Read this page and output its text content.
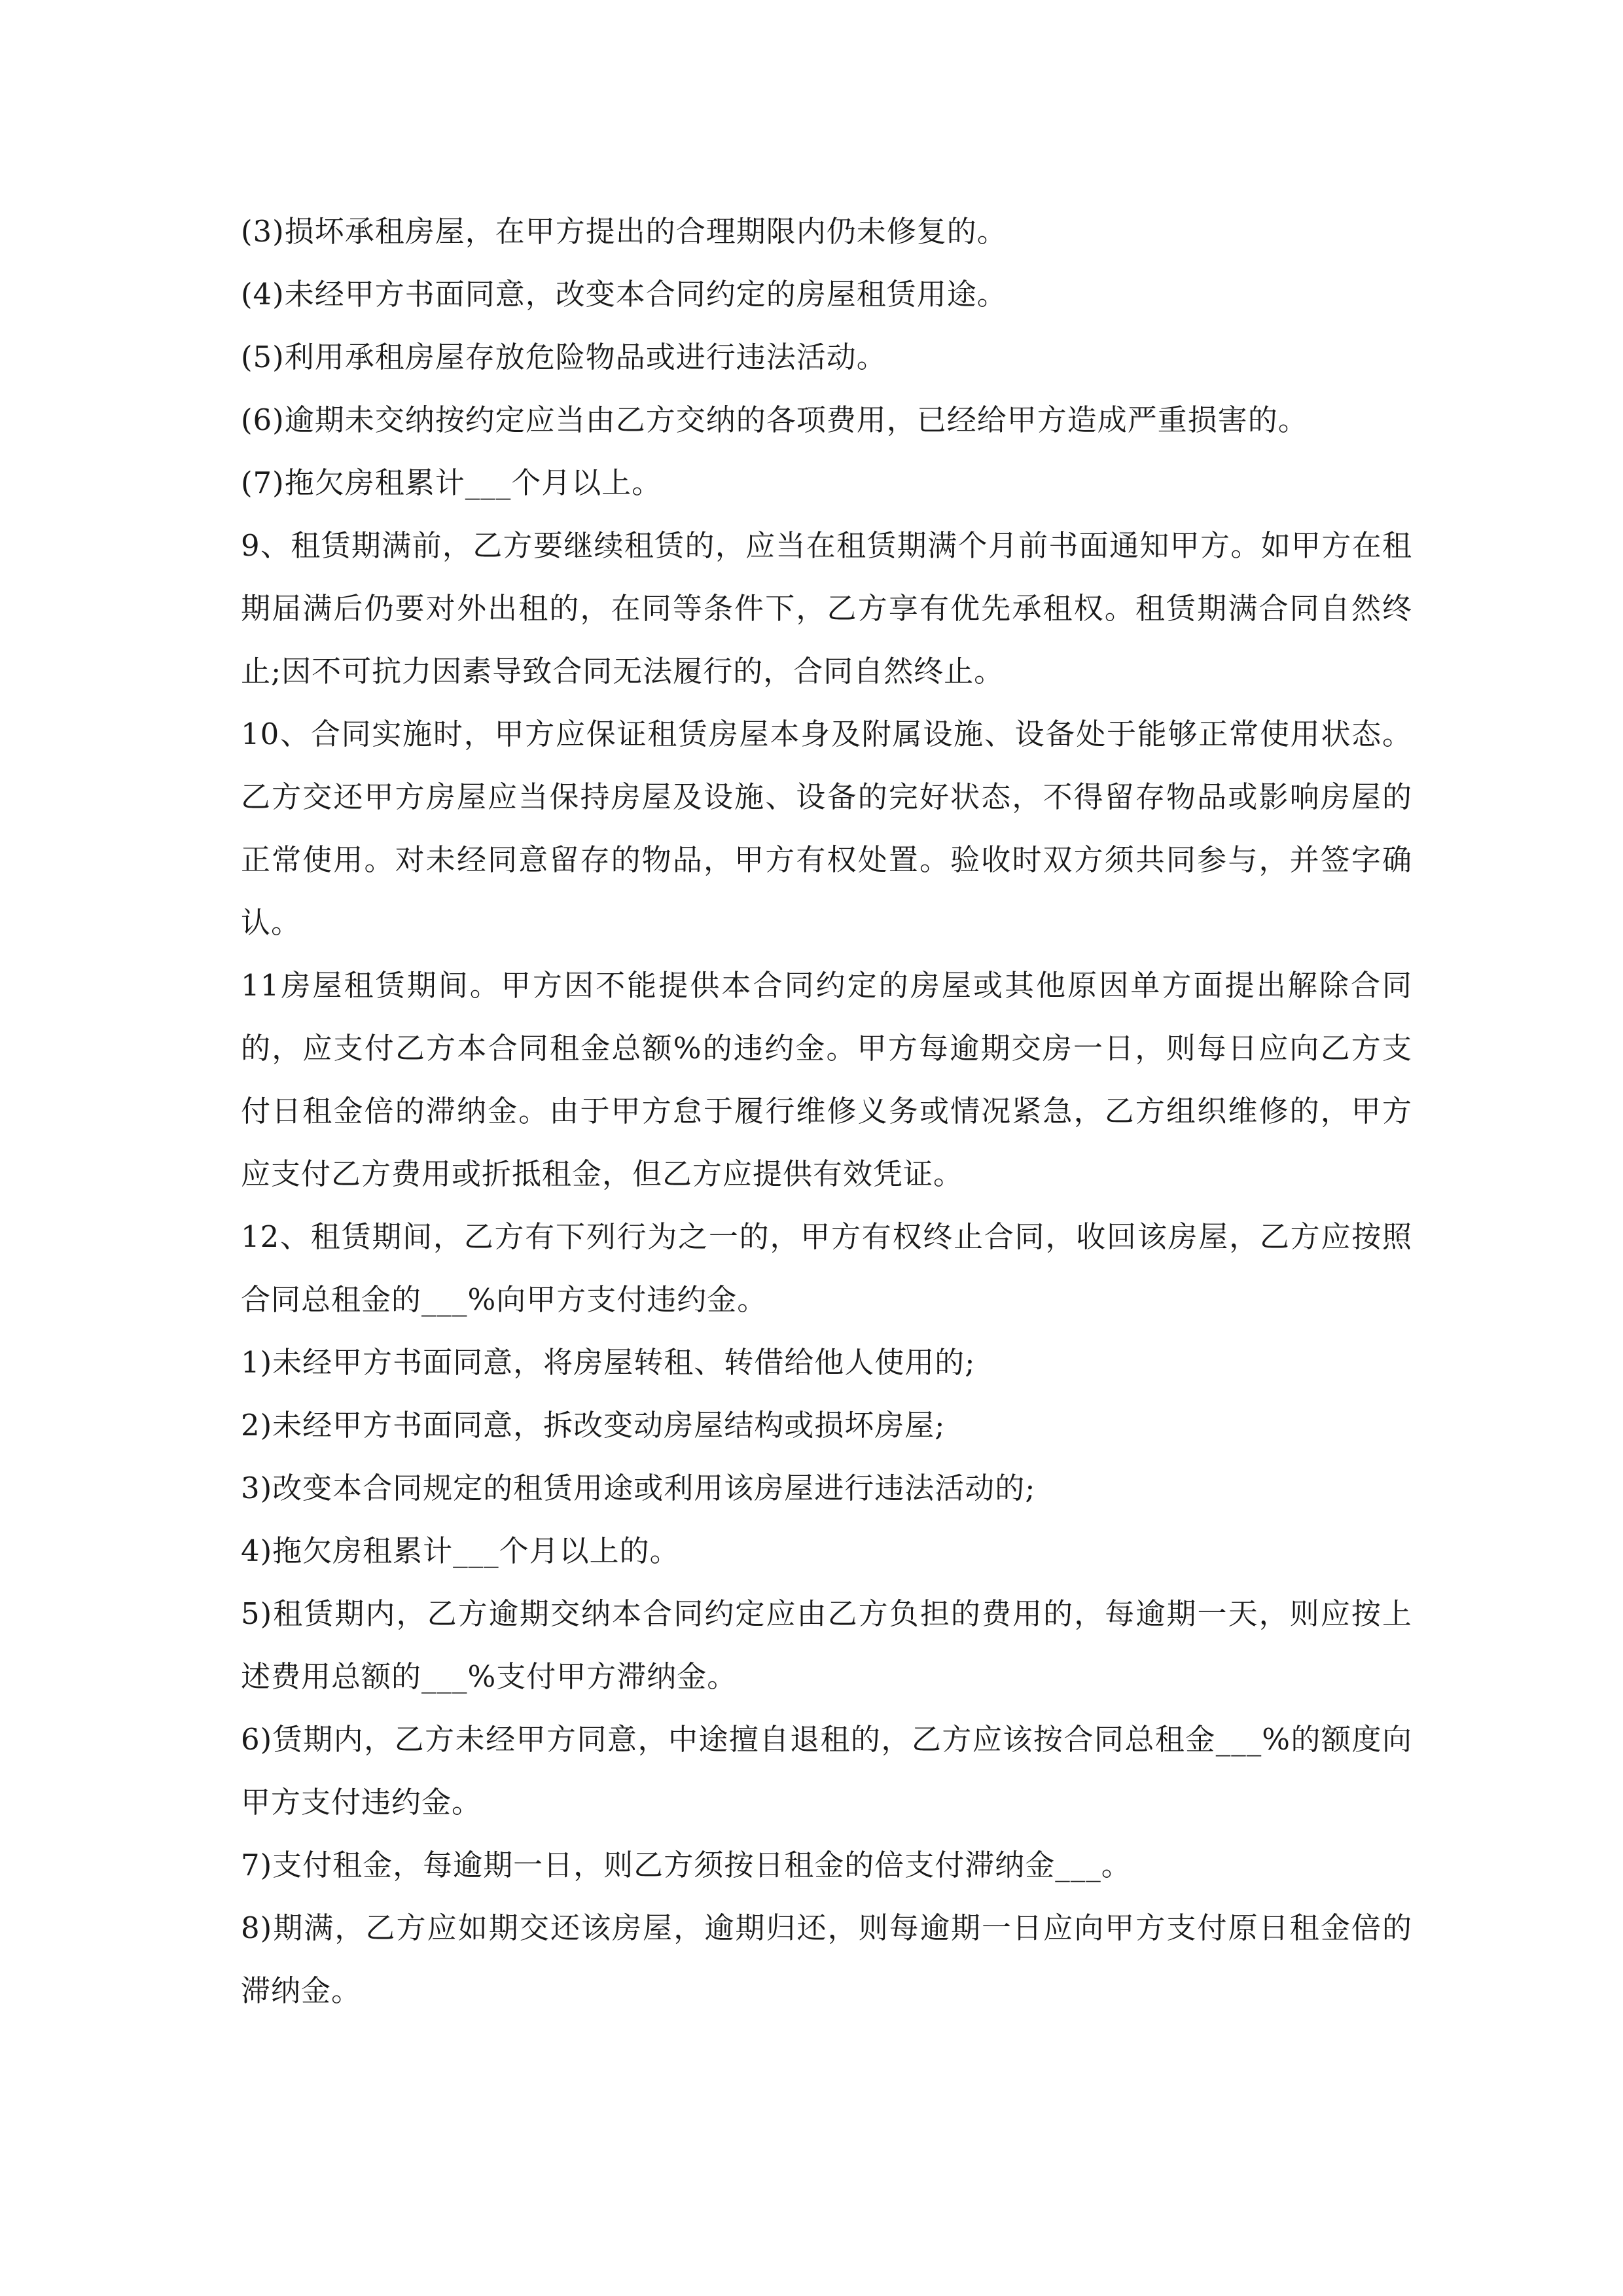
(3)损坏承租房屋，在甲方提出的合理期限内仍未修复的。

(4)未经甲方书面同意，改变本合同约定的房屋租赁用途。

(5)利用承租房屋存放危险物品或进行违法活动。

(6)逾期未交纳按约定应当由乙方交纳的各项费用，已经给甲方造成严重损害的。

(7)拖欠房租累计___个月以上。

9、租赁期满前，乙方要继续租赁的，应当在租赁期满个月前书面通知甲方。如甲方在租期届满后仍要对外出租的，在同等条件下，乙方享有优先承租权。租赁期满合同自然终止;因不可抗力因素导致合同无法履行的，合同自然终止。

10、合同实施时，甲方应保证租赁房屋本身及附属设施、设备处于能够正常使用状态。乙方交还甲方房屋应当保持房屋及设施、设备的完好状态，不得留存物品或影响房屋的正常使用。对未经同意留存的物品，甲方有权处置。验收时双方须共同参与，并签字确认。

11房屋租赁期间。甲方因不能提供本合同约定的房屋或其他原因单方面提出解除合同的，应支付乙方本合同租金总额%的违约金。甲方每逾期交房一日，则每日应向乙方支付日租金倍的滞纳金。由于甲方怠于履行维修义务或情况紧急，乙方组织维修的，甲方应支付乙方费用或折抵租金，但乙方应提供有效凭证。

12、租赁期间，乙方有下列行为之一的，甲方有权终止合同，收回该房屋，乙方应按照合同总租金的___%向甲方支付违约金。

1)未经甲方书面同意，将房屋转租、转借给他人使用的;

2)未经甲方书面同意，拆改变动房屋结构或损坏房屋;

3)改变本合同规定的租赁用途或利用该房屋进行违法活动的;

4)拖欠房租累计___个月以上的。

5)租赁期内，乙方逾期交纳本合同约定应由乙方负担的费用的，每逾期一天，则应按上述费用总额的___%支付甲方滞纳金。

6)赁期内，乙方未经甲方同意，中途擅自退租的，乙方应该按合同总租金___%的额度向甲方支付违约金。

7)支付租金，每逾期一日，则乙方须按日租金的倍支付滞纳金___。

8)期满，乙方应如期交还该房屋，逾期归还，则每逾期一日应向甲方支付原日租金倍的滞纳金。
